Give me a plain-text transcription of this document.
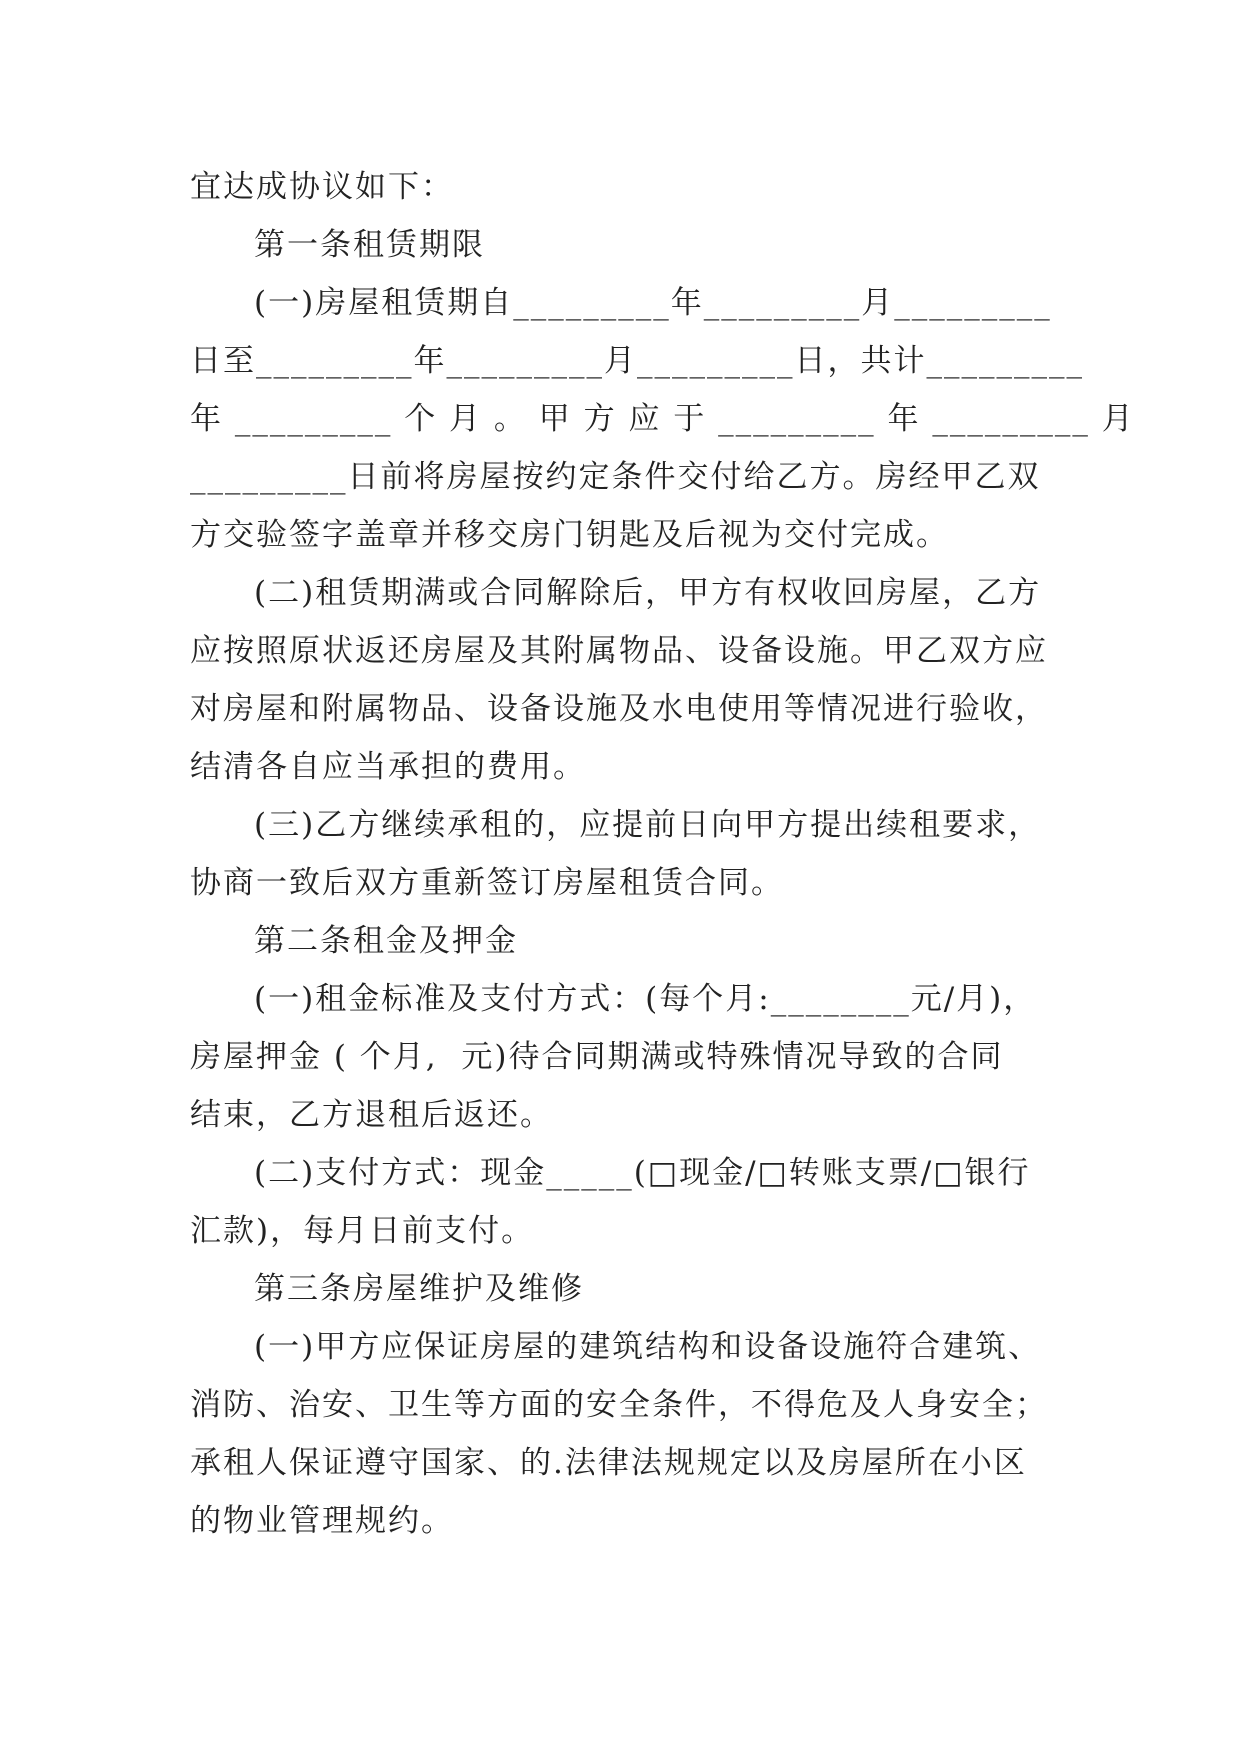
宜达成协议如下：
第一条租赁期限
(一)房屋租赁期自_________年_________月_________
日至_________年_________月_________日，共计_________
年 _________ 个 月 。 甲 方 应 于 _________ 年 _________ 月
_________日前将房屋按约定条件交付给乙方。房经甲乙双
方交验签字盖章并移交房门钥匙及后视为交付完成。
(二)租赁期满或合同解除后，甲方有权收回房屋，乙方
应按照原状返还房屋及其附属物品、设备设施。甲乙双方应
对房屋和附属物品、设备设施及水电使用等情况进行验收，
结清各自应当承担的费用。
(三)乙方继续承租的，应提前日向甲方提出续租要求，
协商一致后双方重新签订房屋租赁合同。
第二条租金及押金
(一)租金标准及支付方式：(每个月:________元/月)，
房屋押金 ( 个月,  元)待合同期满或特殊情况导致的合同
结束，乙方退租后返还。
(二)支付方式：现金_____(□现金/□转账支票/□银行
汇款)，每月日前支付。
第三条房屋维护及维修
(一)甲方应保证房屋的建筑结构和设备设施符合建筑、
消防、治安、卫生等方面的安全条件，不得危及人身安全；
承租人保证遵守国家、的.法律法规规定以及房屋所在小区
的物业管理规约。
